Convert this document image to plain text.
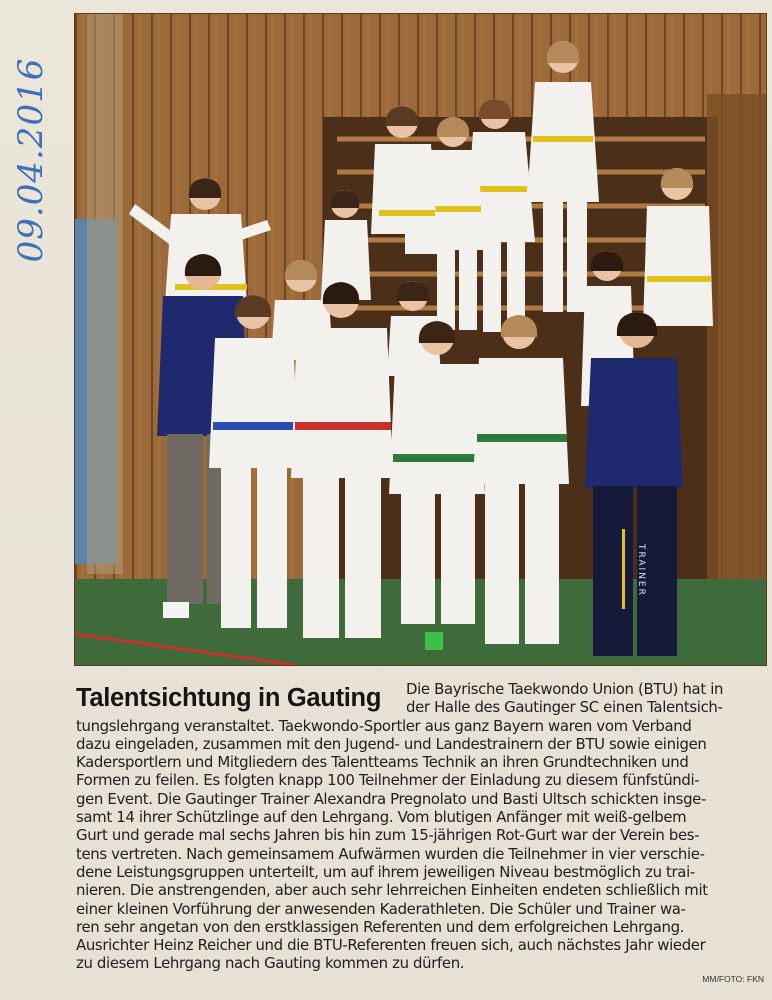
09.04.2016
TRAINER
Talentsichtung in Gauting	Die Bayrische Taekwondo Union (BTU) hat in
der Halle des Gautinger SC einen Talentsich-
tungslehrgang veranstaltet. Taekwondo-Sportler aus ganz Bayern waren vom Verband
dazu eingeladen, zusammen mit den Jugend- und Landestrainern der BTU sowie einigen
Kadersportlern und Mitgliedern des Talentteams Technik an ihren Grundtechniken und
Formen zu feilen. Es folgten knapp 100 Teilnehmer der Einladung zu diesem fünfstündi-
gen Event. Die Gautinger Trainer Alexandra Pregnolato und Basti Ultsch schickten insge-
samt 14 ihrer Schützlinge auf den Lehrgang. Vom blutigen Anfänger mit weiß-gelbem
Gurt und gerade mal sechs Jahren bis hin zum 15-jährigen Rot-Gurt war der Verein bes-
tens vertreten. Nach gemeinsamem Aufwärmen wurden die Teilnehmer in vier verschie-
dene Leistungsgruppen unterteilt, um auf ihrem jeweiligen Niveau bestmöglich zu trai-
nieren. Die anstrengenden, aber auch sehr lehrreichen Einheiten endeten schließlich mit
einer kleinen Vorführung der anwesenden Kaderathleten. Die Schüler und Trainer wa-
ren sehr angetan von den erstklassigen Referenten und dem erfolgreichen Lehrgang.
Ausrichter Heinz Reicher und die BTU-Referenten freuen sich, auch nächstes Jahr wieder
zu diesem Lehrgang nach Gauting kommen zu dürfen.
MM/FOTO: FKN
